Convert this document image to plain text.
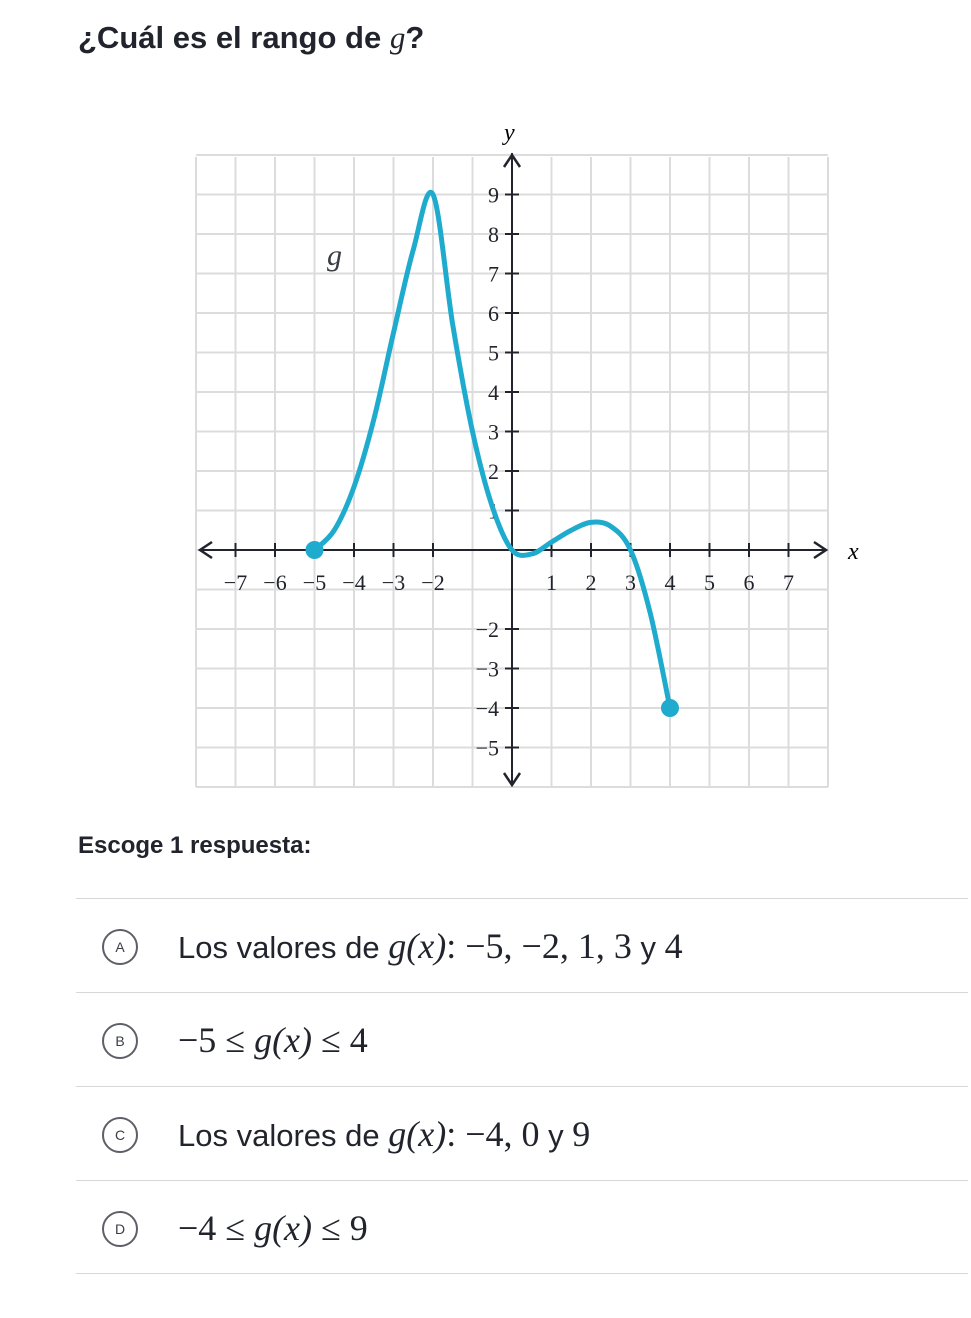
¿Cuál es el rango de g?
−7 −6 −5 −4 −3 −2	1 2 3 4 5 6 7
9
8
7
6
5
4
3
2
1
−2
−3
−4
−5
x
y
g
Escoge 1 respuesta:
A	Los valores de g(x): −5, −2, 1, 3 y 4
B	−5 ≤ g(x) ≤ 4
C	Los valores de g(x): −4, 0 y 9
D	−4 ≤ g(x) ≤ 9
